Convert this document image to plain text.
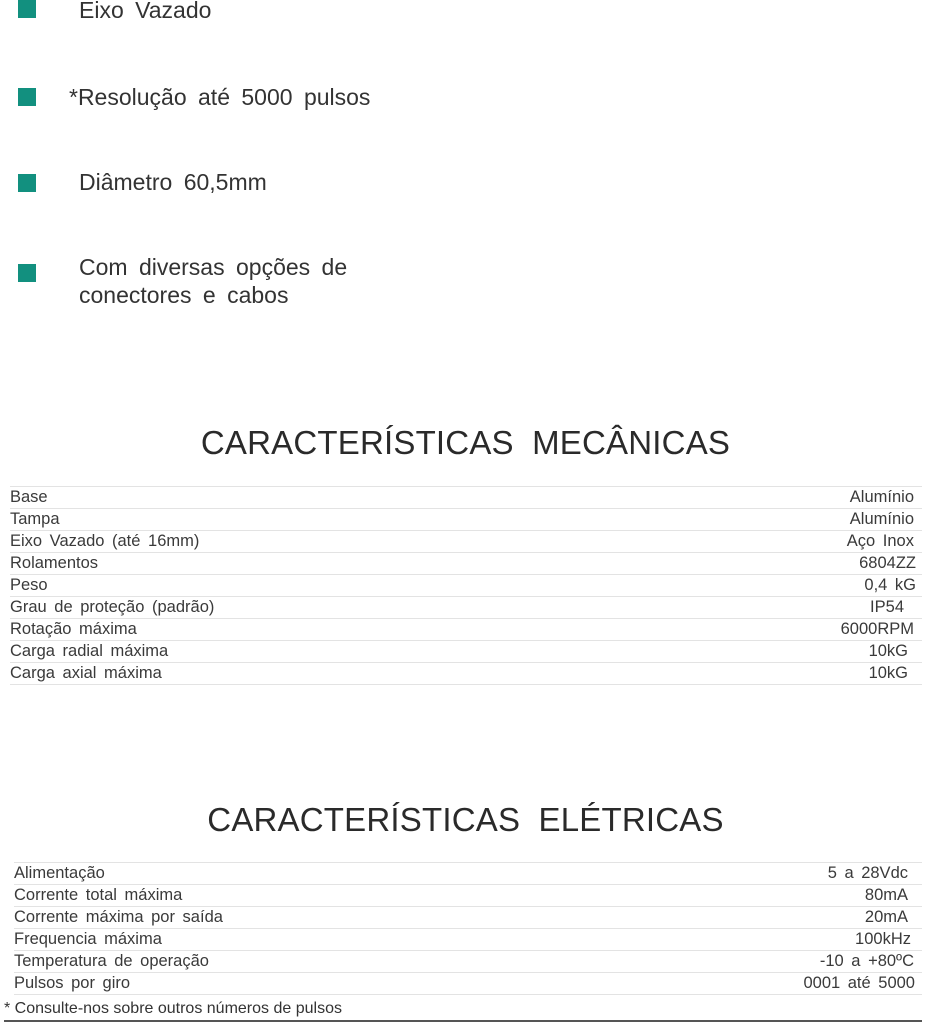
Eixo Vazado
*Resolução até 5000 pulsos
Diâmetro 60,5mm
Com diversas opções de
conectores e cabos
CARACTERÍSTICAS MECÂNICAS
Base	Alumínio
Tampa	Alumínio
Eixo Vazado (até 16mm)	Aço Inox
Rolamentos	6804ZZ
Peso	0,4 kG
Grau de proteção (padrão)	IP54
Rotação máxima	6000RPM
Carga radial máxima	10kG
Carga axial máxima	10kG
CARACTERÍSTICAS ELÉTRICAS
Alimentação	5 a 28Vdc
Corrente total máxima	80mA
Corrente máxima por saída	20mA
Frequencia máxima	100kHz
Temperatura de operação	-10 a +80ºC
Pulsos por giro	0001 até 5000
* Consulte-nos sobre outros números de pulsos
